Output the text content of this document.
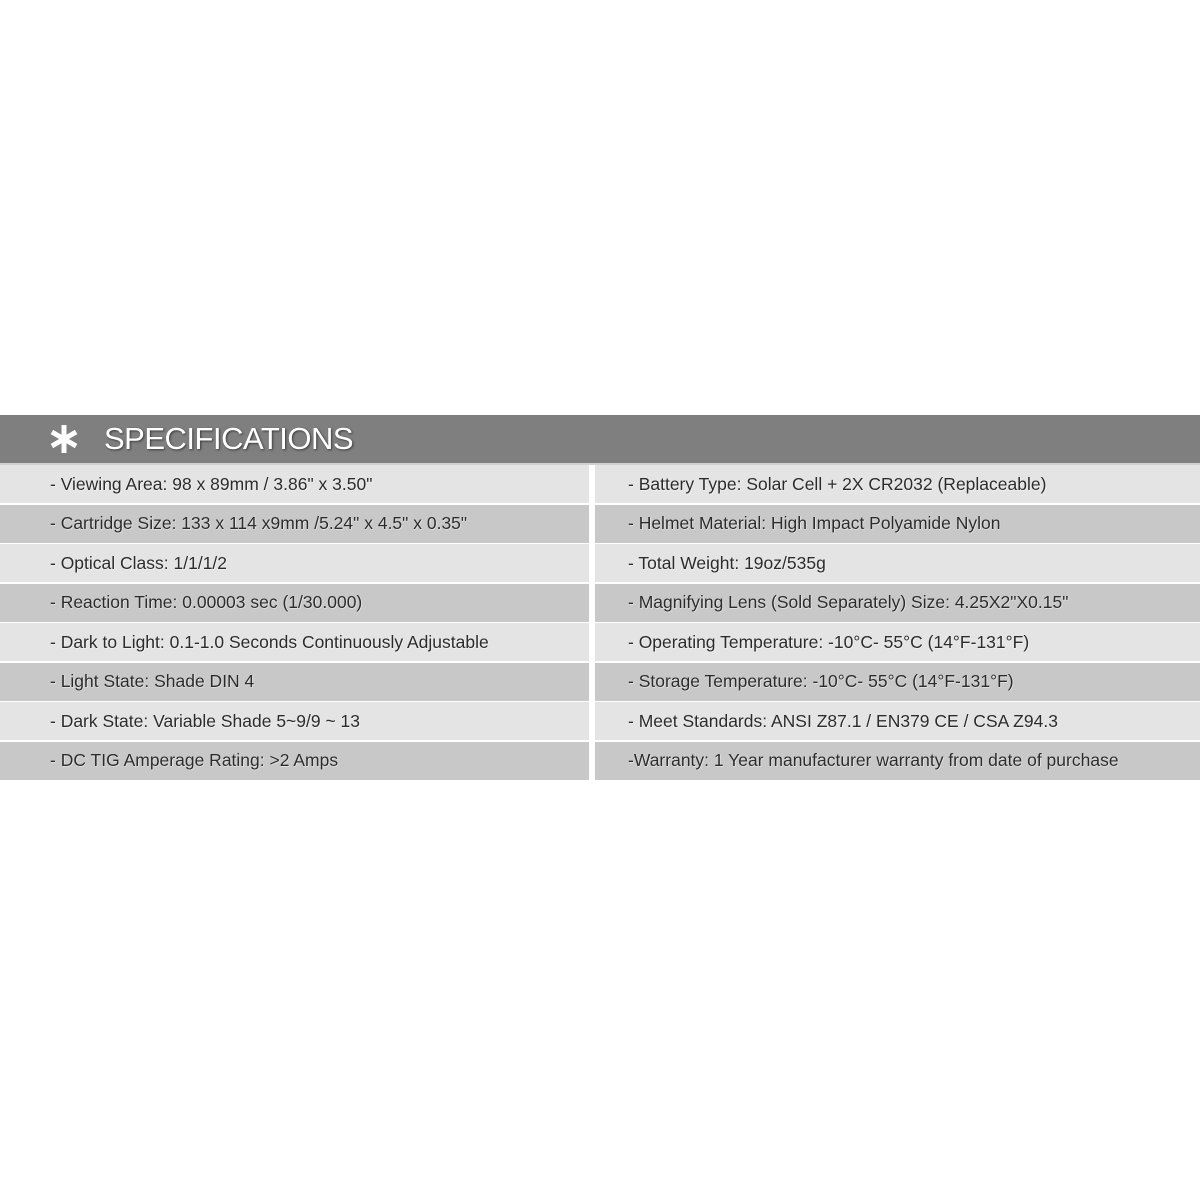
SPECIFICATIONS
- Viewing Area: 98 x 89mm / 3.86" x 3.50"
- Cartridge Size: 133 x 114 x9mm /5.24" x 4.5" x 0.35"
- Optical Class: 1/1/1/2
- Reaction Time: 0.00003 sec (1/30.000)
- Dark to Light: 0.1-1.0 Seconds Continuously Adjustable
- Light State: Shade DIN 4
- Dark State: Variable Shade 5~9/9 ~ 13
- DC TIG Amperage Rating: >2 Amps
- Battery Type: Solar Cell + 2X CR2032 (Replaceable)
- Helmet Material: High Impact Polyamide Nylon
- Total Weight: 19oz/535g
- Magnifying Lens (Sold Separately) Size: 4.25X2"X0.15"
- Operating Temperature: -10°C- 55°C (14°F-131°F)
- Storage Temperature: -10°C- 55°C (14°F-131°F)
- Meet Standards: ANSI Z87.1 / EN379 CE / CSA Z94.3
-Warranty: 1 Year manufacturer warranty from date of purchase
